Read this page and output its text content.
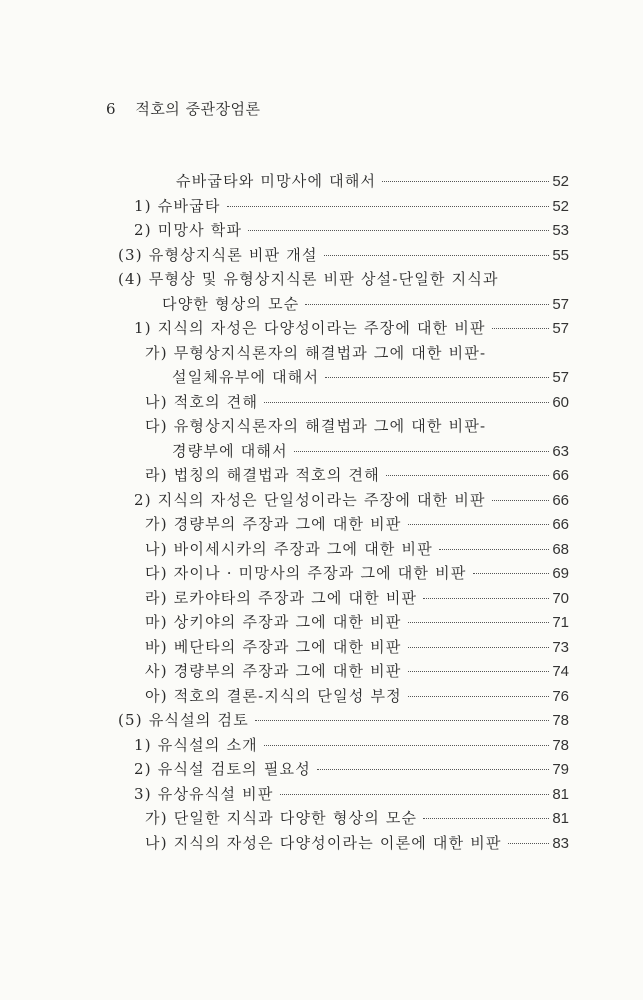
6 적호의 중관장엄론
슈바굽타와 미망사에 대해서	52
1) 슈바굽타	52
2) 미망사 학파	53
(3) 유형상지식론 비판 개설	55
(4) 무형상 및 유형상지식론 비판 상설-단일한 지식과
다양한 형상의 모순	57
1) 지식의 자성은 다양성이라는 주장에 대한 비판	57
가) 무형상지식론자의 해결법과 그에 대한 비판-
설일체유부에 대해서	57
나) 적호의 견해	60
다) 유형상지식론자의 해결법과 그에 대한 비판-
경량부에 대해서	63
라) 법칭의 해결법과 적호의 견해	66
2) 지식의 자성은 단일성이라는 주장에 대한 비판	66
가) 경량부의 주장과 그에 대한 비판	66
나) 바이세시카의 주장과 그에 대한 비판	68
다) 자이나 · 미망사의 주장과 그에 대한 비판	69
라) 로카야타의 주장과 그에 대한 비판	70
마) 상키야의 주장과 그에 대한 비판	71
바) 베단타의 주장과 그에 대한 비판	73
사) 경량부의 주장과 그에 대한 비판	74
아) 적호의 결론-지식의 단일성 부정	76
(5) 유식설의 검토	78
1) 유식설의 소개	78
2) 유식설 검토의 필요성	79
3) 유상유식설 비판	81
가) 단일한 지식과 다양한 형상의 모순	81
나) 지식의 자성은 다양성이라는 이론에 대한 비판	83
